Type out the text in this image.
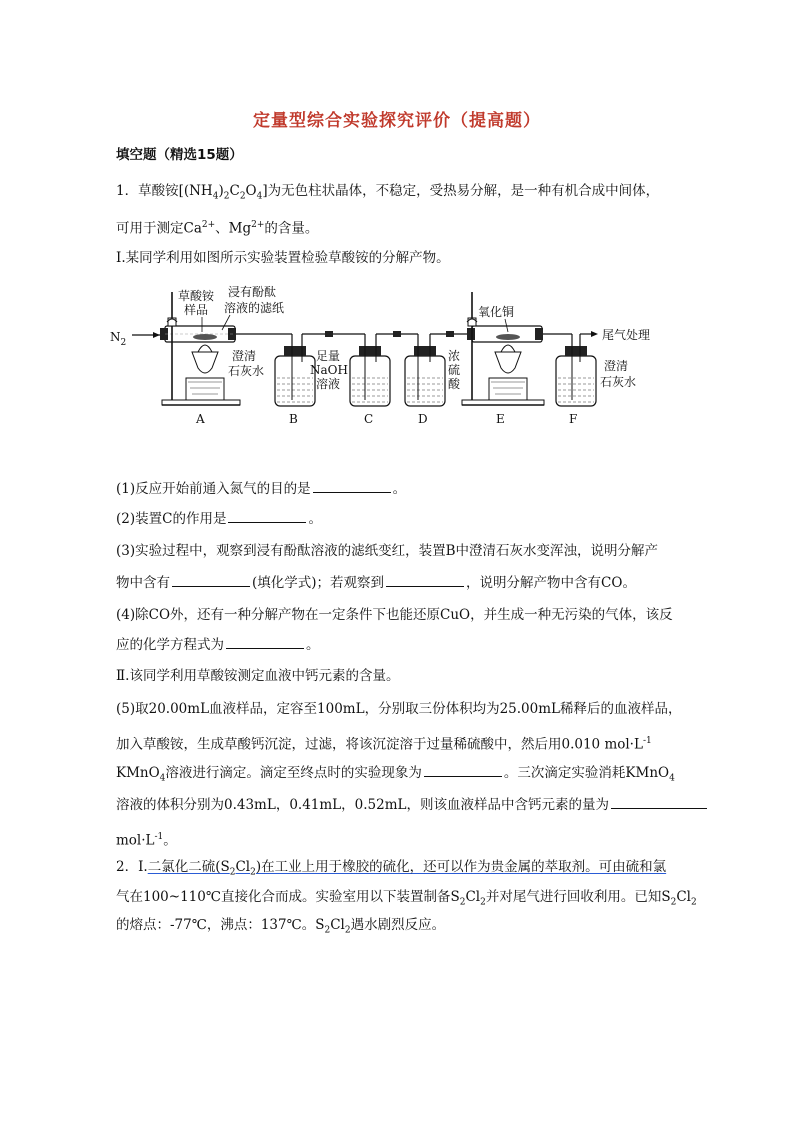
定量型综合实验探究评价（提高题）
填空题（精选15题）
1．草酸铵$[(NH_4)_2C_2O_4]$为无色柱状晶体，不稳定，受热易分解，是一种有机合成中间体，
可用于测定$Ca^{2+}$、$Mg^{2+}$的含量。
Ⅰ.某同学利用如图所示实验装置检验草酸铵的分解产物。
$N_2$
草酸铵
样品
浸有酚酞
溶液的滤纸
澄清
石灰水
足量
NaOH
溶液
浓
硫
酸
氧化铜
尾气处理
澄清
石灰水
A	B	C	D	E	F
(1)反应开始前通入氮气的目的是	。
(2)装置C的作用是	。
(3)实验过程中，观察到浸有酚酞溶液的滤纸变红，装置B中澄清石灰水变浑浊，说明分解产
物中含有	(填化学式)；若观察到	，说明分解产物中含有CO。
(4)除CO外，还有一种分解产物在一定条件下也能还原CuO，并生成一种无污染的气体，该反
应的化学方程式为	。
Ⅱ.该同学利用草酸铵测定血液中钙元素的含量。
(5)取20.00mL血液样品，定容至100mL，分别取三份体积均为25.00mL稀释后的血液样品，
加入草酸铵，生成草酸钙沉淀，过滤，将该沉淀溶于过量稀硫酸中，然后用0.010 $mol\cdot L^{-1}$
KMnO$_4$溶液进行滴定。滴定至终点时的实验现象为	。三次滴定实验消耗KMnO$_4$
溶液的体积分别为0.43mL，0.41mL，0.52mL，则该血液样品中含钙元素的量为
$mol\cdot L^{-1}$。
2．I.二氯化二硫$(S_2Cl_2)$在工业上用于橡胶的硫化，还可以作为贵金属的萃取剂。可由硫和氯
气在100~110℃直接化合而成。实验室用以下装置制备$S_2Cl_2$并对尾气进行回收利用。已知$S_2Cl_2$
的熔点：-77℃，沸点：137℃。$S_2Cl_2$遇水剧烈反应。
